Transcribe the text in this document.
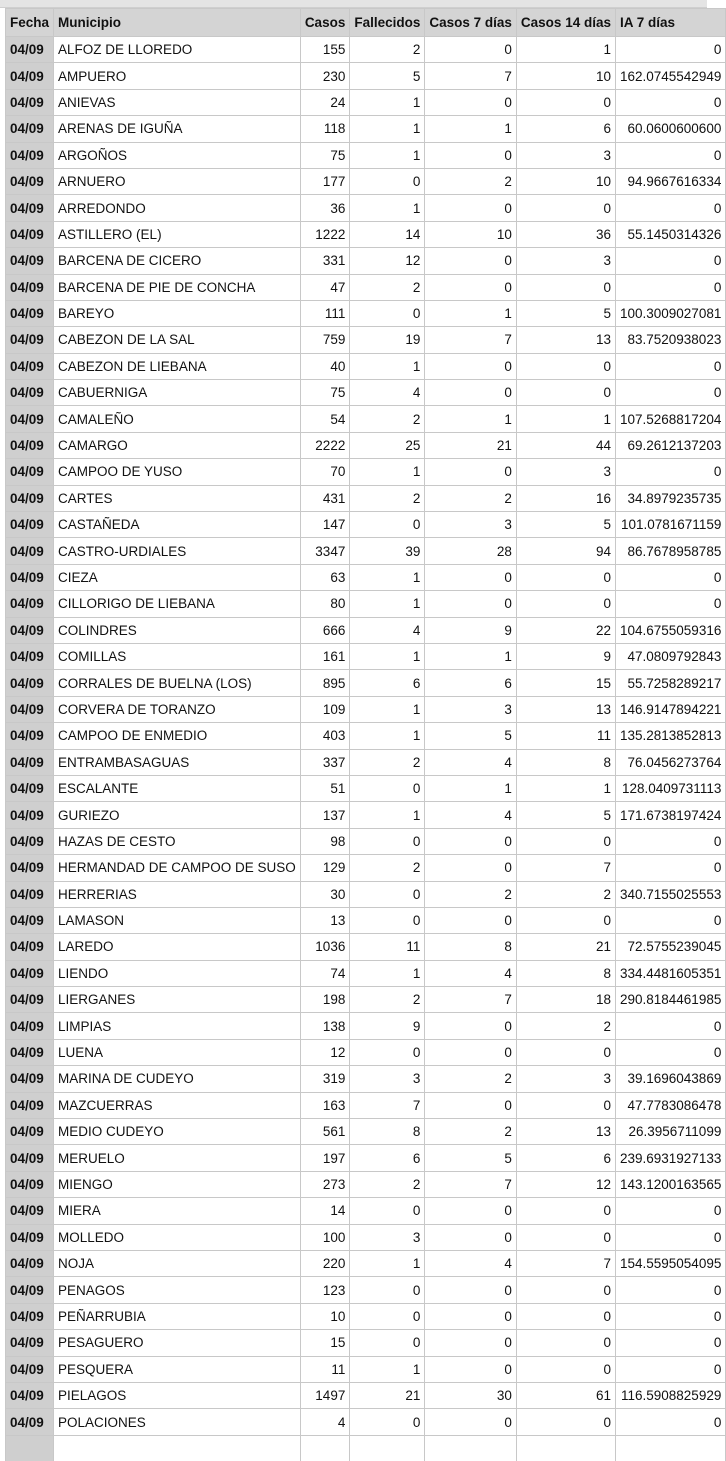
Fecha	Municipio	Casos	Fallecidos	Casos 7 días	Casos 14 días	IA 7 días
04/09	ALFOZ DE LLOREDO	155	2	0	1	0
04/09	AMPUERO	230	5	7	10	162.0745542949
04/09	ANIEVAS	24	1	0	0	0
04/09	ARENAS DE IGUÑA	118	1	1	6	60.0600600600
04/09	ARGOÑOS	75	1	0	3	0
04/09	ARNUERO	177	0	2	10	94.9667616334
04/09	ARREDONDO	36	1	0	0	0
04/09	ASTILLERO (EL)	1222	14	10	36	55.1450314326
04/09	BARCENA DE CICERO	331	12	0	3	0
04/09	BARCENA DE PIE DE CONCHA	47	2	0	0	0
04/09	BAREYO	111	0	1	5	100.3009027081
04/09	CABEZON DE LA SAL	759	19	7	13	83.7520938023
04/09	CABEZON DE LIEBANA	40	1	0	0	0
04/09	CABUERNIGA	75	4	0	0	0
04/09	CAMALEÑO	54	2	1	1	107.5268817204
04/09	CAMARGO	2222	25	21	44	69.2612137203
04/09	CAMPOO DE YUSO	70	1	0	3	0
04/09	CARTES	431	2	2	16	34.8979235735
04/09	CASTAÑEDA	147	0	3	5	101.0781671159
04/09	CASTRO-URDIALES	3347	39	28	94	86.7678958785
04/09	CIEZA	63	1	0	0	0
04/09	CILLORIGO DE LIEBANA	80	1	0	0	0
04/09	COLINDRES	666	4	9	22	104.6755059316
04/09	COMILLAS	161	1	1	9	47.0809792843
04/09	CORRALES DE BUELNA (LOS)	895	6	6	15	55.7258289217
04/09	CORVERA DE TORANZO	109	1	3	13	146.9147894221
04/09	CAMPOO DE ENMEDIO	403	1	5	11	135.2813852813
04/09	ENTRAMBASAGUAS	337	2	4	8	76.0456273764
04/09	ESCALANTE	51	0	1	1	128.0409731113
04/09	GURIEZO	137	1	4	5	171.6738197424
04/09	HAZAS DE CESTO	98	0	0	0	0
04/09	HERMANDAD DE CAMPOO DE SUSO	129	2	0	7	0
04/09	HERRERIAS	30	0	2	2	340.7155025553
04/09	LAMASON	13	0	0	0	0
04/09	LAREDO	1036	11	8	21	72.5755239045
04/09	LIENDO	74	1	4	8	334.4481605351
04/09	LIERGANES	198	2	7	18	290.8184461985
04/09	LIMPIAS	138	9	0	2	0
04/09	LUENA	12	0	0	0	0
04/09	MARINA DE CUDEYO	319	3	2	3	39.1696043869
04/09	MAZCUERRAS	163	7	0	0	47.7783086478
04/09	MEDIO CUDEYO	561	8	2	13	26.3956711099
04/09	MERUELO	197	6	5	6	239.6931927133
04/09	MIENGO	273	2	7	12	143.1200163565
04/09	MIERA	14	0	0	0	0
04/09	MOLLEDO	100	3	0	0	0
04/09	NOJA	220	1	4	7	154.5595054095
04/09	PENAGOS	123	0	0	0	0
04/09	PEÑARRUBIA	10	0	0	0	0
04/09	PESAGUERO	15	0	0	0	0
04/09	PESQUERA	11	1	0	0	0
04/09	PIELAGOS	1497	21	30	61	116.5908825929
04/09	POLACIONES	4	0	0	0	0
